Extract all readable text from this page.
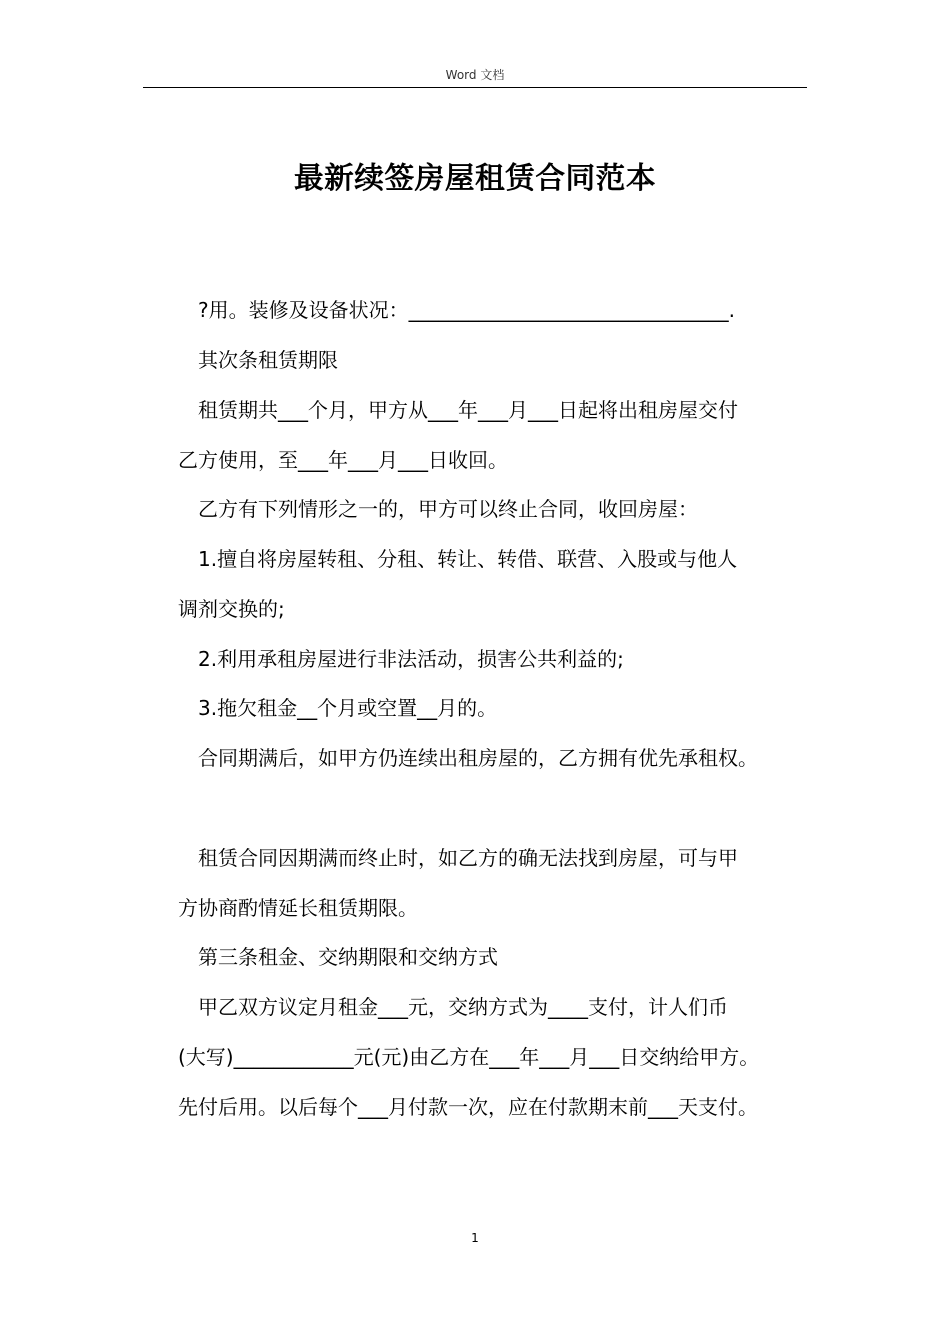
Word 文档
最新续签房屋租赁合同范本
　?用。装修及设备状况：________________________________.
　其次条租赁期限
　租赁期共___个月，甲方从___年___月___日起将出租房屋交付
乙方使用，至___年___月___日收回。
　乙方有下列情形之一的，甲方可以终止合同，收回房屋：
　1.擅自将房屋转租、分租、转让、转借、联营、入股或与他人
调剂交换的;
　2.利用承租房屋进行非法活动，损害公共利益的;
　3.拖欠租金__个月或空置__月的。
　合同期满后，如甲方仍连续出租房屋的，乙方拥有优先承租权。
　租赁合同因期满而终止时，如乙方的确无法找到房屋，可与甲
方协商酌情延长租赁期限。
　第三条租金、交纳期限和交纳方式
　甲乙双方议定月租金___元，交纳方式为____支付，计人们币
(大写)____________元(元)由乙方在___年___月___日交纳给甲方。
先付后用。以后每个___月付款一次，应在付款期末前___天支付。
1
